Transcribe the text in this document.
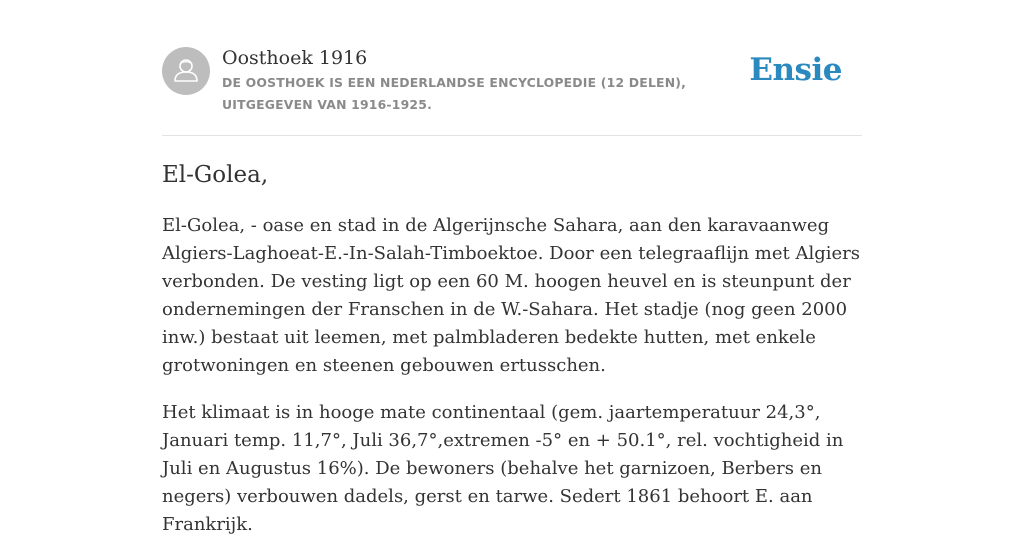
Oosthoek 1916
DE OOSTHOEK IS EEN NEDERLANDSE ENCYCLOPEDIE (12 DELEN), UITGEGEVEN VAN 1916-1925.
Ensie
El-Golea,

El-Golea, - oase en stad in de Algerijnsche Sahara, aan den karavaanweg Algiers-Laghoeat-E.-In-Salah-Timboektoe. Door een telegraaflijn met Algiers verbonden. De vesting ligt op een 60 M. hoogen heuvel en is steunpunt der ondernemingen der Franschen in de W.-Sahara. Het stadje (nog geen 2000 inw.) bestaat uit leemen, met palmbladeren bedekte hutten, met enkele grotwoningen en steenen gebouwen ertusschen.

Het klimaat is in hooge mate continentaal (gem. jaartemperatuur 24,3°, Januari temp. 11,7°, Juli 36,7°,extremen -5° en + 50.1°, rel. vochtigheid in Juli en Augustus 16%). De bewoners (behalve het garnizoen, Berbers en negers) verbouwen dadels, gerst en tarwe. Sedert 1861 behoort E. aan Frankrijk.
